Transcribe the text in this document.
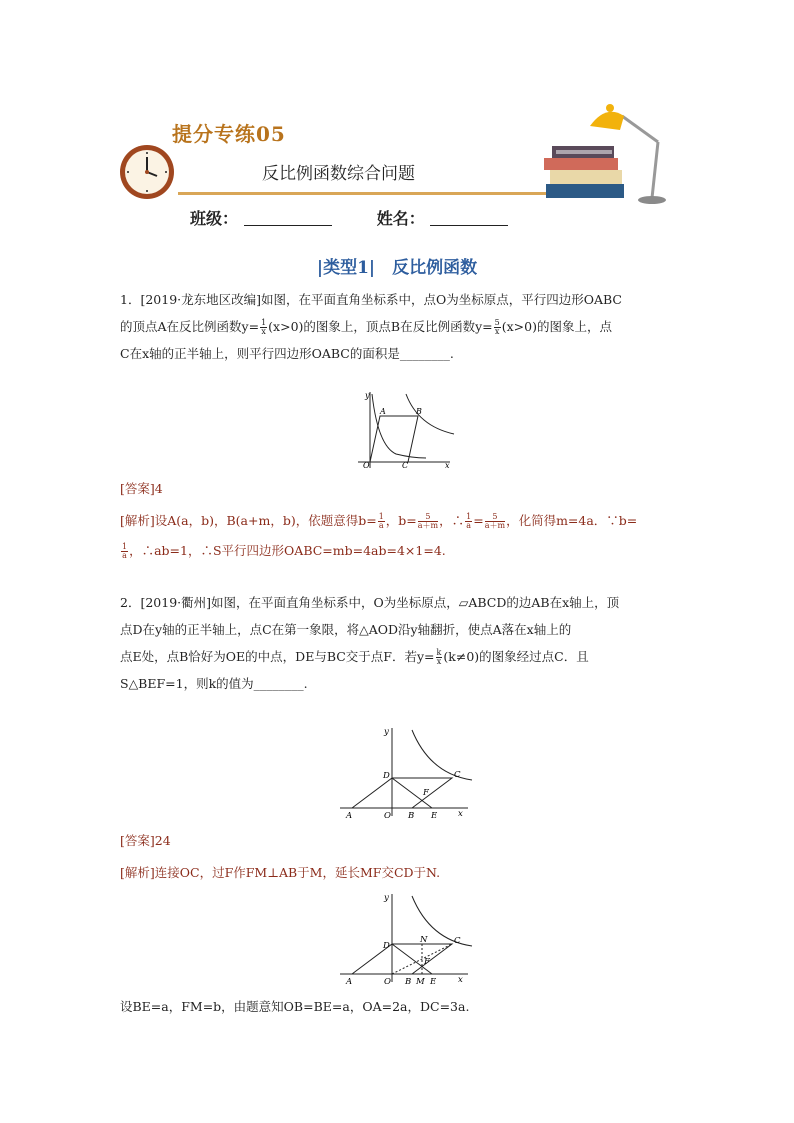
提分专练05
反比例函数综合问题
班级：	姓名：
|类型1|　反比例函数
1．[2019·龙东地区改编]如图，在平面直角坐标系中，点O为坐标原点，平行四边形OABC
的顶点A在反比例函数$y= \frac{1}{x} (x>0)$的图象上，顶点B在反比例函数$y= \frac{5}{x} (x>0)$的图象上，点
C在x轴的正半轴上，则平行四边形OABC的面积是________.
y
A	B
O	C	x
[答案]4
[解析]设A(a，b)，B(a+m，b)，依题意得$b= \frac{1}{a}$ ，$b= \frac{5}{a+m}$ ，∴ $\frac{1}{a} = \frac{5}{a+m}$ ，化简得m=4a．∵b=
$\frac{1}{a}$ ，∴ab=1，∴S平行四边形OABC=mb=4ab=4×1=4.
2．[2019·衢州]如图，在平面直角坐标系中，O为坐标原点，▱ABCD的边AB在x轴上，顶
点D在y轴的正半轴上，点C在第一象限，将△AOD沿y轴翻折，使点A落在x轴上的
点E处，点B恰好为OE的中点，DE与BC交于点F．若$y= \frac{k}{x} (k\ne 0)$的图象经过点C．且
S△BEF=1，则k的值为________.
y
D	C
F
A	O B E x
[答案]24
[解析]连接OC，过F作FM⊥AB于M，延长MF交CD于N.
y
D
N	C
F
A	O B M E	x
设BE=a，FM=b，由题意知OB=BE=a，OA=2a，DC=3a.
